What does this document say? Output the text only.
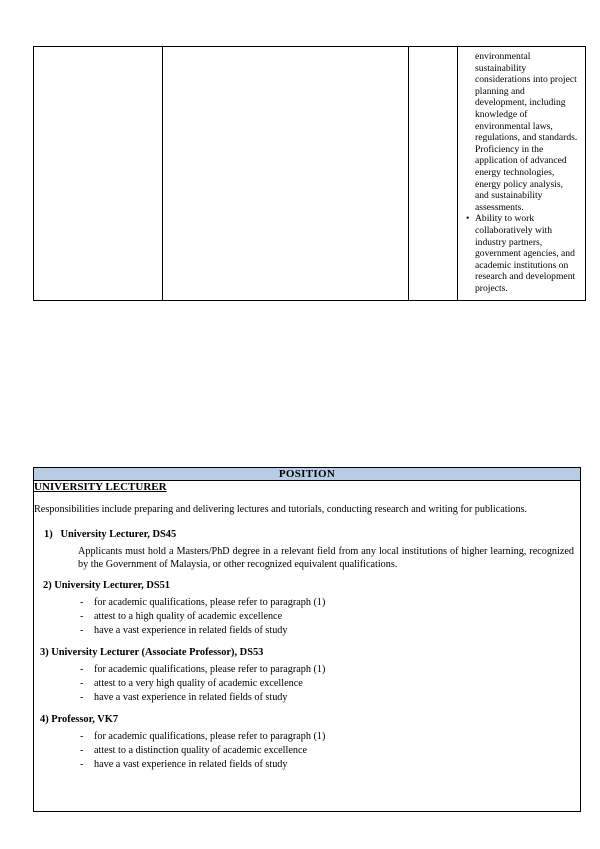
environmental sustainability considerations into project planning and development, including knowledge of environmental laws, regulations, and standards. Proficiency in the application of advanced energy technologies, energy policy analysis, and sustainability assessments.
• Ability to work collaboratively with industry partners, government agencies, and academic institutions on research and development projects.
POSITION

UNIVERSITY LECTURER

Responsibilities include preparing and delivering lectures and tutorials, conducting research and writing for publications.

1) University Lecturer, DS45

Applicants must hold a Masters/PhD degree in a relevant field from any local institutions of higher learning, recognized by the Government of Malaysia, or other recognized equivalent qualifications.

2) University Lecturer, DS51
- for academic qualifications, please refer to paragraph (1)
- attest to a high quality of academic excellence
- have a vast experience in related fields of study
3) University Lecturer (Associate Professor), DS53
- for academic qualifications, please refer to paragraph (1)
- attest to a very high quality of academic excellence
- have a vast experience in related fields of study
4) Professor, VK7
- for academic qualifications, please refer to paragraph (1)
- attest to a distinction quality of academic excellence
- have a vast experience in related fields of study
